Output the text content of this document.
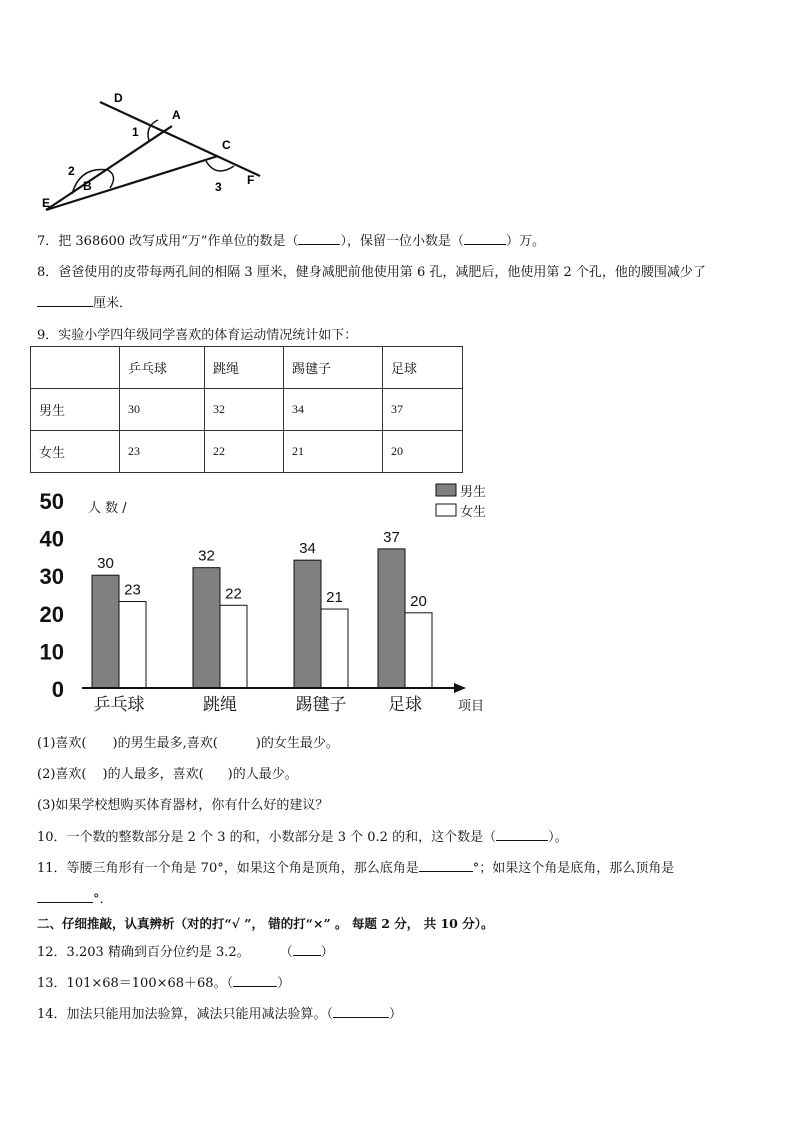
D
A
C
F
E
B
1
2
3
7．把 368600 改写成用“万”作单位的数是（	），保留一位小数是（	）万。
8．爸爸使用的皮带每两孔间的相隔 3 厘米，健身减肥前他使用第 6 孔，减肥后，他使用第 2 个孔，他的腰围减少了
厘米．
9．实验小学四年级同学喜欢的体育运动情况统计如下：
	乒乓球	跳绳	踢毽子	足球
男生	30	32	34	37
女生	23	22	21	20
0
10
20
30
40
50 人 数 /
30
23
乒乓球
32
22
跳绳
34
21
踢毽子
37
20
足球	项目
男生
女生
(1)喜欢( )的男生最多,喜欢(	)的女生最少。
(2)喜欢( )的人最多，喜欢( )的人最少。
(3)如果学校想购买体育器材，你有什么好的建议？
10．一个数的整数部分是 2 个 3 的和，小数部分是 3 个 0.2 的和，这个数是（	）。
11．等腰三角形有一个角是 70°，如果这个角是顶角，那么底角是	°；如果这个角是底角，那么顶角是
°．
二、仔细推敲，认真辨析（对的打“√ ”， 错的打“×” 。 每题 2 分， 共 10 分）。
12．3.203 精确到百分位约是 3.2。 （ ）
13．101×68＝100×68＋68。（	）
14．加法只能用加法验算，减法只能用减法验算。（	）
